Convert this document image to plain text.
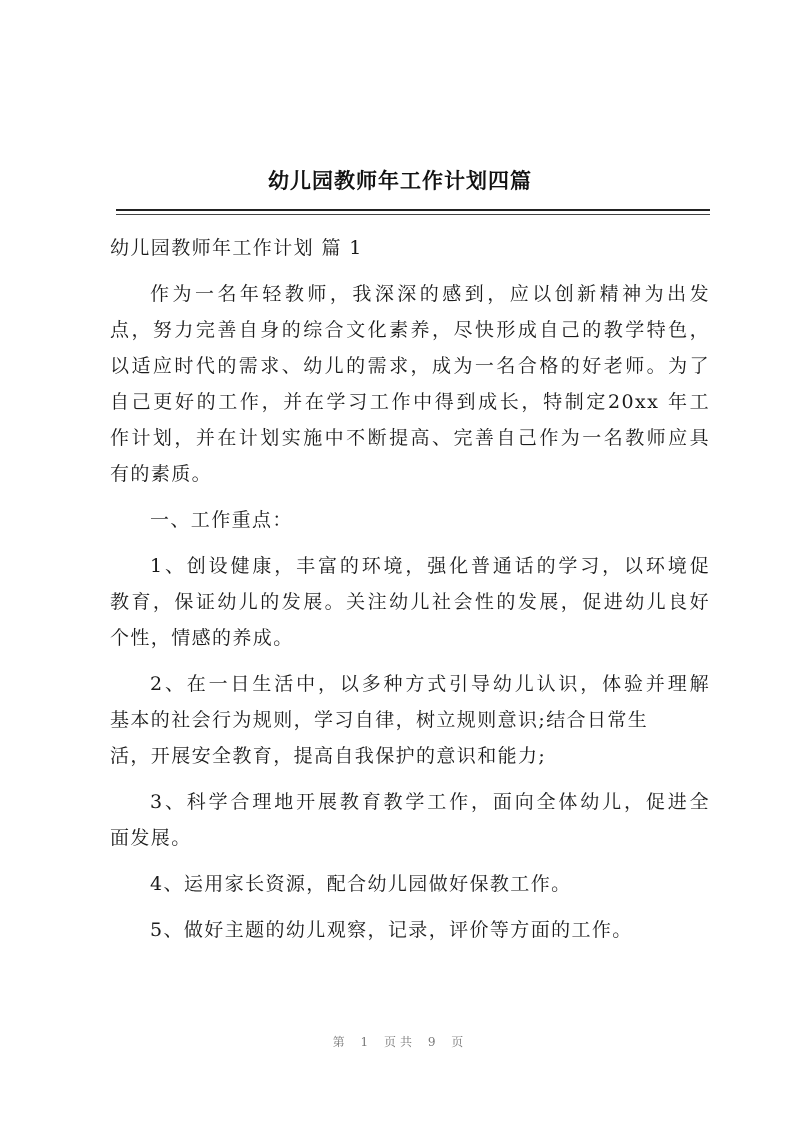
幼儿园教师年工作计划四篇
幼儿园教师年工作计划 篇 1
作为一名年轻教师，我深深的感到，应以创新精神为出发
点，努力完善自身的综合文化素养，尽快形成自己的教学特色，
以适应时代的需求、幼儿的需求，成为一名合格的好老师。为了
自己更好的工作，并在学习工作中得到成长，特制定20xx 年工
作计划，并在计划实施中不断提高、完善自己作为一名教师应具
有的素质。
一、工作重点：
1、创设健康，丰富的环境，强化普通话的学习，以环境促
教育，保证幼儿的发展。关注幼儿社会性的发展，促进幼儿良好
个性，情感的养成。
2、在一日生活中，以多种方式引导幼儿认识，体验并理解
基本的社会行为规则，学习自律，树立规则意识;结合日常生
活，开展安全教育，提高自我保护的意识和能力;
3、科学合理地开展教育教学工作，面向全体幼儿，促进全
面发展。
4、运用家长资源，配合幼儿园做好保教工作。
5、做好主题的幼儿观察，记录，评价等方面的工作。
第 1 页共 9 页
